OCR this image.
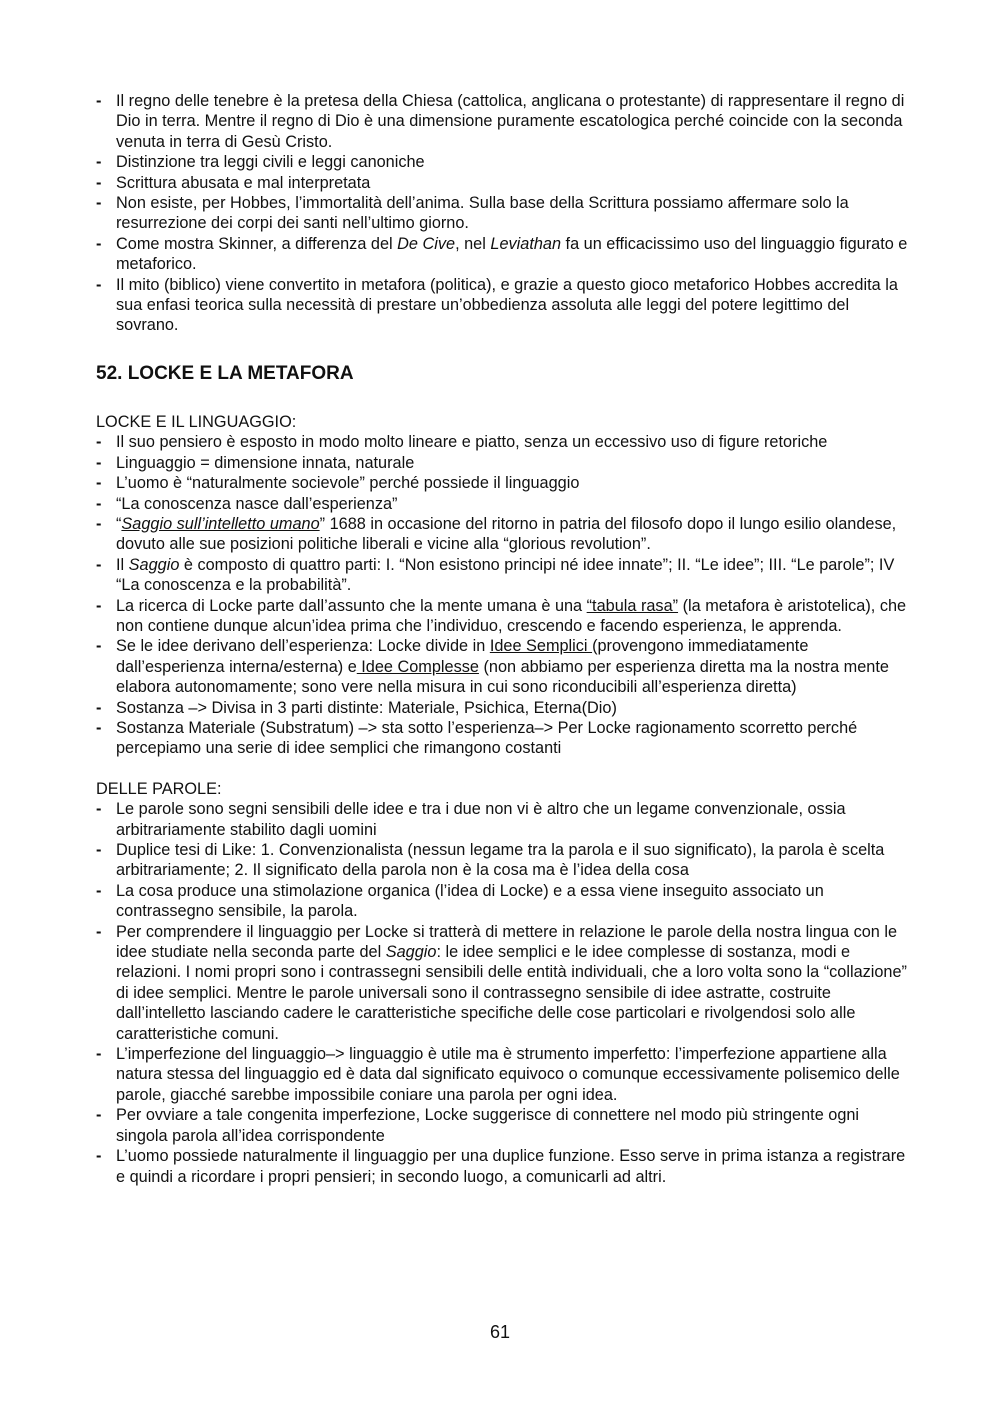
- Il regno delle tenebre è la pretesa della Chiesa (cattolica, anglicana o protestante) di rappresentare il regno di Dio in terra. Mentre il regno di Dio è una dimensione puramente escatologica perché coincide con la seconda venuta in terra di Gesù Cristo.
- Distinzione tra leggi civili e leggi canoniche
- Scrittura abusata e mal interpretata
- Non esiste, per Hobbes, l’immortalità dell’anima. Sulla base della Scrittura possiamo affermare solo la resurrezione dei corpi dei santi nell’ultimo giorno.
- Come mostra Skinner, a differenza del De Cive, nel Leviathan fa un efficacissimo uso del linguaggio figurato e metaforico.
- Il mito (biblico) viene convertito in metafora (politica), e grazie a questo gioco metaforico Hobbes accredita la sua enfasi teorica sulla necessità di prestare un’obbedienza assoluta alle leggi del potere legittimo del sovrano.
52. LOCKE E LA METAFORA
LOCKE E IL LINGUAGGIO:
- Il suo pensiero è esposto in modo molto lineare e piatto, senza un eccessivo uso di figure retoriche
- Linguaggio = dimensione innata, naturale
- L’uomo è “naturalmente socievole” perché possiede il linguaggio
- “La conoscenza nasce dall’esperienza”
- “Saggio sull’intelletto umano” 1688 in occasione del ritorno in patria del filosofo dopo il lungo esilio olandese, dovuto alle sue posizioni politiche liberali e vicine alla “glorious revolution”.
- Il Saggio è composto di quattro parti: I. “Non esistono principi né idee innate”; II. “Le idee”; III. “Le parole”; IV “La conoscenza e la probabilità”.
- La ricerca di Locke parte dall’assunto che la mente umana è una “tabula rasa” (la metafora è aristotelica), che non contiene dunque alcun’idea prima che l’individuo, crescendo e facendo esperienza, le apprenda.
- Se le idee derivano dell’esperienza: Locke divide in Idee Semplici (provengono immediatamente dall’esperienza interna/esterna) e Idee Complesse (non abbiamo per esperienza diretta ma la nostra mente elabora autonomamente; sono vere nella misura in cui sono riconducibili all’esperienza diretta)
- Sostanza –> Divisa in 3 parti distinte: Materiale, Psichica, Eterna(Dio)
- Sostanza Materiale (Substratum) –> sta sotto l’esperienza–> Per Locke ragionamento scorretto perché percepiamo una serie di idee semplici che rimangono costanti
DELLE PAROLE:
- Le parole sono segni sensibili delle idee e tra i due non vi è altro che un legame convenzionale, ossia arbitrariamente stabilito dagli uomini
- Duplice tesi di Like: 1. Convenzionalista (nessun legame tra la parola e il suo significato), la parola è scelta arbitrariamente; 2. Il significato della parola non è la cosa ma è l’idea della cosa
- La cosa produce una stimolazione organica (l’idea di Locke) e a essa viene inseguito associato un contrassegno sensibile, la parola.
- Per comprendere il linguaggio per Locke si tratterà di mettere in relazione le parole della nostra lingua con le idee studiate nella seconda parte del Saggio: le idee semplici e le idee complesse di sostanza, modi e relazioni. I nomi propri sono i contrassegni sensibili delle entità individuali, che a loro volta sono la “collazione” di idee semplici. Mentre le parole universali sono il contrassegno sensibile di idee astratte, costruite dall’intelletto lasciando cadere le caratteristiche specifiche delle cose particolari e rivolgendosi solo alle caratteristiche comuni.
- L’imperfezione del linguaggio–> linguaggio è utile ma è strumento imperfetto: l’imperfezione appartiene alla natura stessa del linguaggio ed è data dal significato equivoco o comunque eccessivamente polisemico delle parole, giacché sarebbe impossibile coniare una parola per ogni idea.
- Per ovviare a tale congenita imperfezione, Locke suggerisce di connettere nel modo più stringente ogni singola parola all’idea corrispondente
- L’uomo possiede naturalmente il linguaggio per una duplice funzione. Esso serve in prima istanza a registrare e quindi a ricordare i propri pensieri; in secondo luogo, a comunicarli ad altri.
61
